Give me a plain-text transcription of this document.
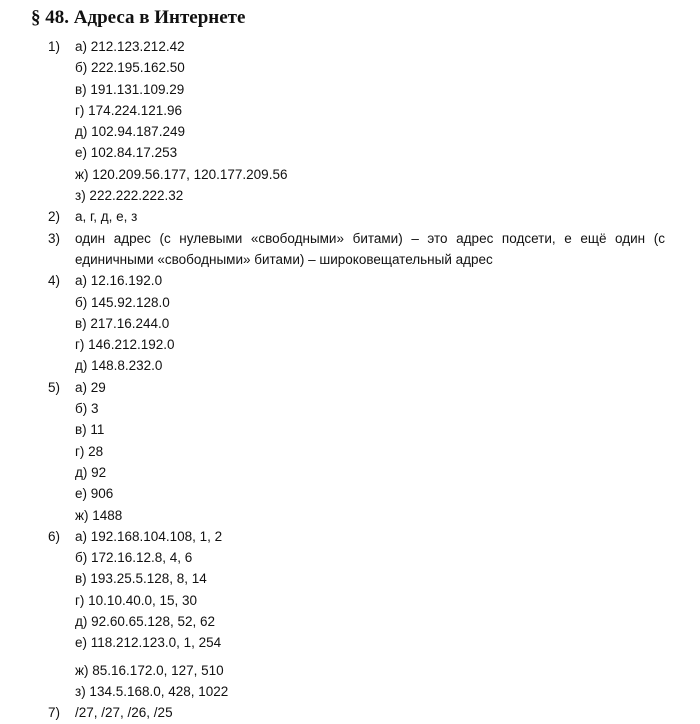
§ 48. Адреса в Интернете
1) а) 212.123.212.42
б) 222.195.162.50
в) 191.131.109.29
г) 174.224.121.96
д) 102.94.187.249
е) 102.84.17.253
ж) 120.209.56.177, 120.177.209.56
з) 222.222.222.32
2) а, г, д, е, з
3) один адрес (с нулевыми «свободными» битами) – это адрес подсети, е ещё один (с единичными «свободными» битами) – широковещательный адрес
4) а) 12.16.192.0
б) 145.92.128.0
в) 217.16.244.0
г) 146.212.192.0
д) 148.8.232.0
5) а) 29
б) 3
в) 11
г) 28
д) 92
е) 906
ж) 1488
6) а) 192.168.104.108, 1, 2
б) 172.16.12.8, 4, 6
в) 193.25.5.128, 8, 14
г) 10.10.40.0, 15, 30
д) 92.60.65.128, 52, 62
е) 118.212.123.0, 1, 254
ж) 85.16.172.0, 127, 510
з) 134.5.168.0, 428, 1022
7) /27, /27, /26, /25
